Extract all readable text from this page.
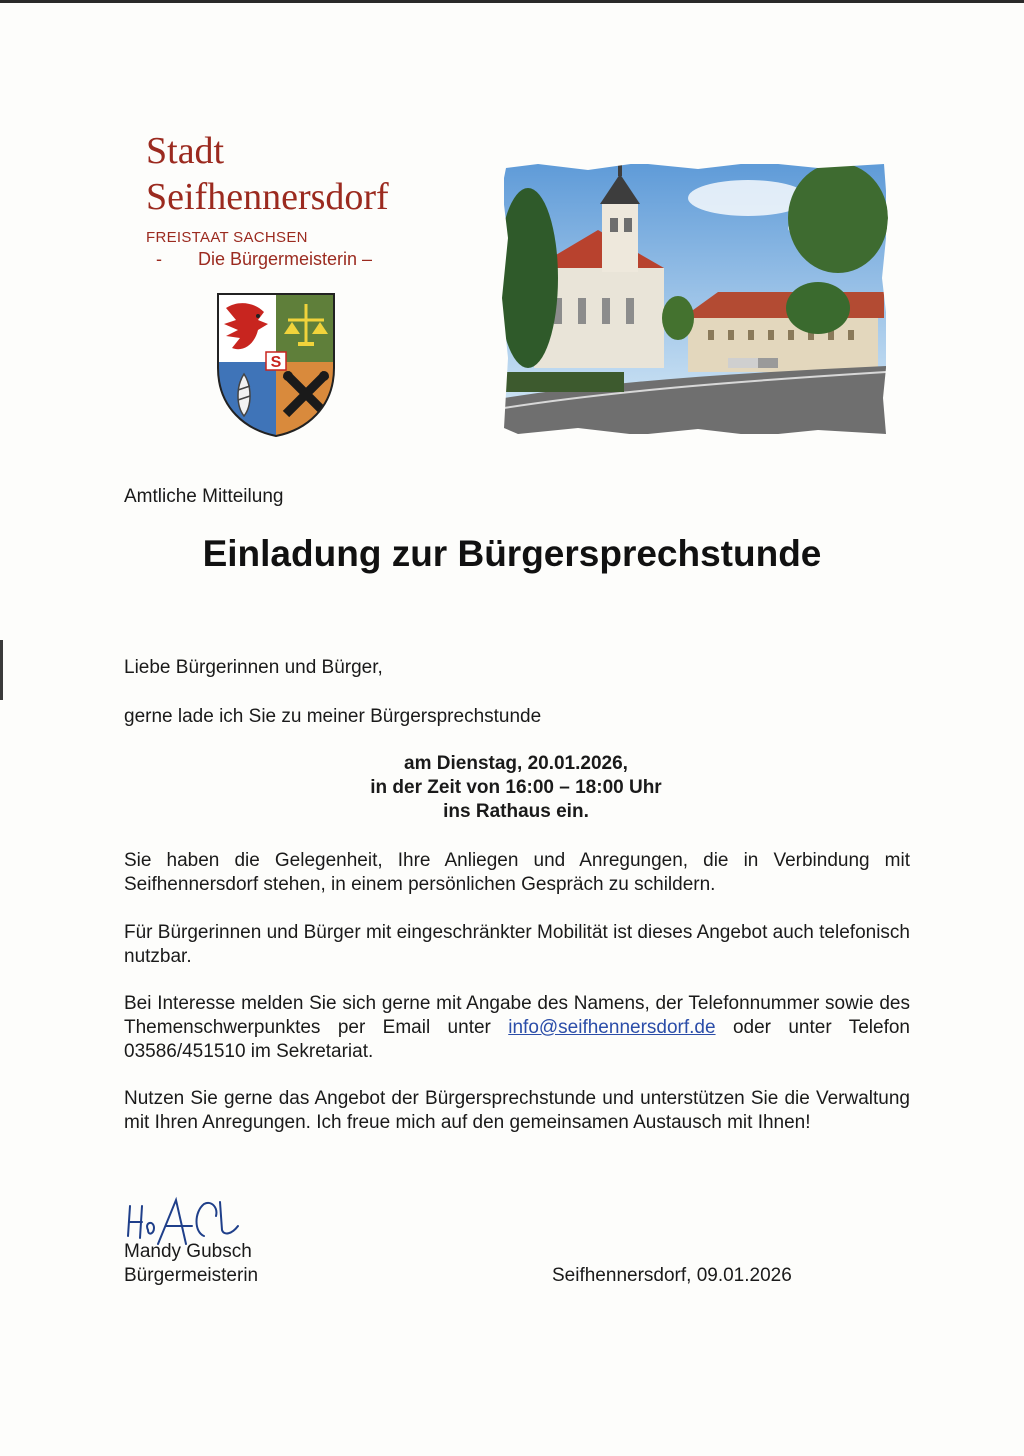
Stadt
Seifhennersdorf
FREISTAAT SACHSEN
- Die Bürgermeisterin –
S
Amtliche Mitteilung
Einladung zur Bürgersprechstunde

Liebe Bürgerinnen und Bürger,

gerne lade ich Sie zu meiner Bürgersprechstunde

am Dienstag, 20.01.2026,
in der Zeit von 16:00 – 18:00 Uhr
ins Rathaus ein.

Sie haben die Gelegenheit, Ihre Anliegen und Anregungen, die in Verbindung mit Seifhennersdorf stehen, in einem persönlichen Gespräch zu schildern.

Für Bürgerinnen und Bürger mit eingeschränkter Mobilität ist dieses Angebot auch telefonisch nutzbar.

Bei Interesse melden Sie sich gerne mit Angabe des Namens, der Telefonnummer sowie des Themenschwerpunktes per Email unter info@seifhennersdorf.de oder unter Telefon 03586/451510 im Sekretariat.

Nutzen Sie gerne das Angebot der Bürgersprechstunde und unterstützen Sie die Verwaltung mit Ihren Anregungen. Ich freue mich auf den gemeinsamen Austausch mit Ihnen!

Mandy Gubsch
Bürgermeisterin	Seifhennersdorf, 09.01.2026
